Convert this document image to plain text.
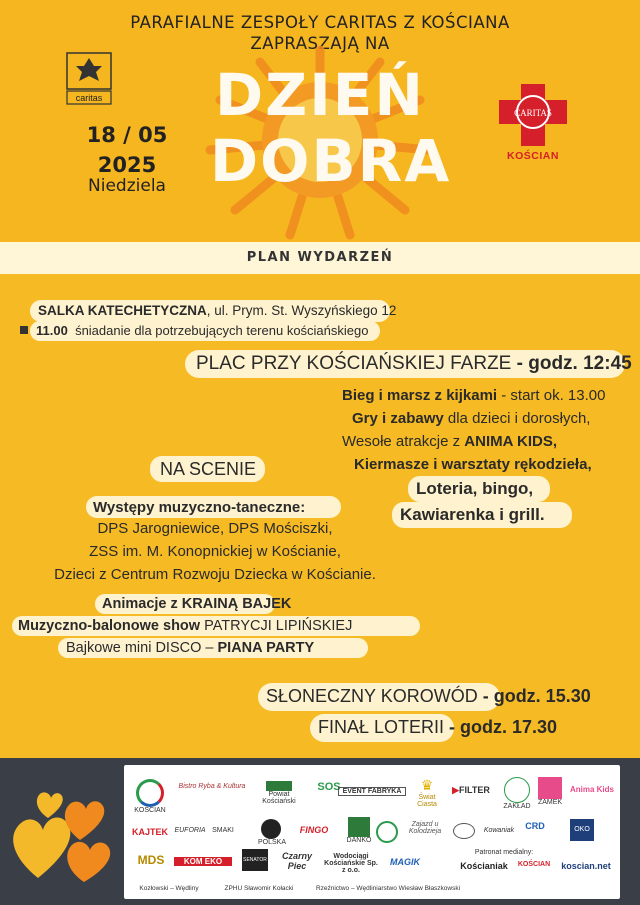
PARAFIALNE ZESPOŁY CARITAS Z KOŚCIANA
ZAPRASZAJĄ NA
caritas
18 / 05
2025
Niedziela
DZIEŃ
DOBRA
CARITAS
KOŚCIAN
PLAN WYDARZEŃ
SALKA KATECHETYCZNA, ul. Prym. St. Wyszyńskiego 12
11.00 śniadanie dla potrzebujących terenu kościańskiego
PLAC PRZY KOŚCIAŃSKIEJ FARZE - godz. 12:45
Bieg i marsz z kijkami - start ok. 13.00
Gry i zabawy dla dzieci i dorosłych,
Wesołe atrakcje z ANIMA KIDS,
Kiermasze i warsztaty rękodzieła,
Loteria, bingo,
Kawiarenka i grill.
NA SCENIE
Występy muzyczno-taneczne:
DPS Jarogniewice, DPS Mościszki,
ZSS im. M. Konopnickiej w Kościanie,
Dzieci z Centrum Rozwoju Dziecka w Kościanie.
Animacje z KRAINĄ BAJEK
Muzyczno-balonowe show PATRYCJI LIPIŃSKIEJ
Bajkowe mini DISCO – PIANA PARTY
SŁONECZNY KOROWÓD - godz. 15.30
FINAŁ LOTERII - godz. 17.30
KOŚCIAN
Bistro Ryba & Kultura
Powiat Kościański
SOS EVENT FABRYKA	♛
Świat Ciasta
▶FILTER
ZAKŁAD
ZAMEK
Anima Kids
KAJTEK EUFORIA SMAKI
POLSKA
FINGO
DANKO
Zajazd u Kolodzieja	Kowaniak	CRD	OKO
MDS	KOM EKO	SENATOR	Czarny Piec
Wodociągi Kościańskie Sp. z o.o.
MAGIK
Patronat medialny:
Kościaniak	KOŚCIAN	koscian.net
Kozłowski – Wędliny	ZPHU Sławomir Kołacki	Rzeźnictwo – Wędliniarstwo Wiesław Błaszkowski
